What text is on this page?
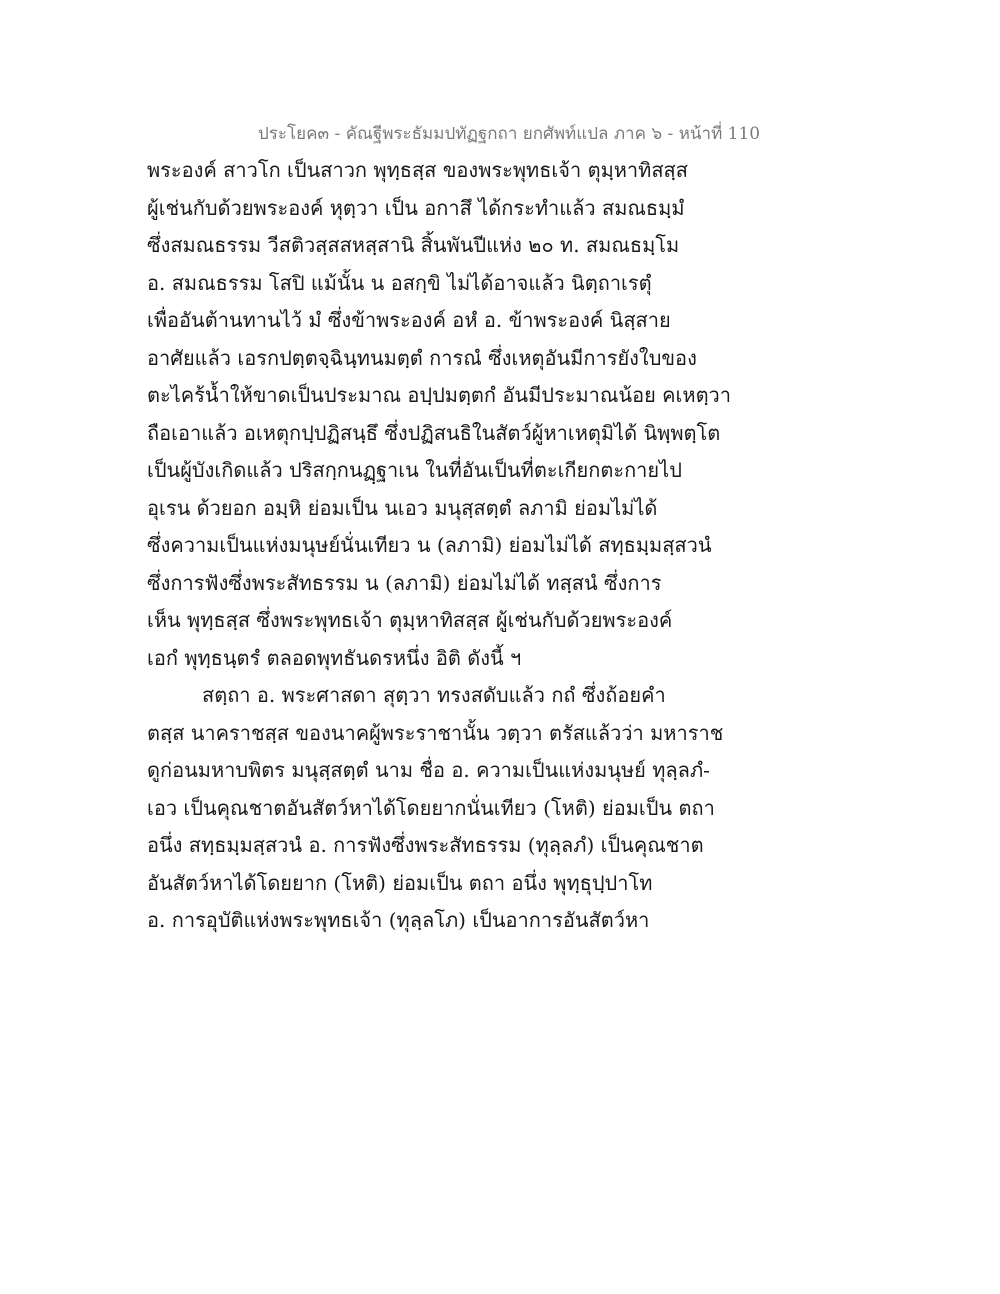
ประโยค๓ - คัณฐีพระธัมมปทัฏฐกถา ยกศัพท์แปล ภาค ๖ - หน้าที่ 110
พระองค์ สาวโก เป็นสาวก พุทฺธสฺส ของพระพุทธเจ้า ตุมฺหาทิสสฺส
ผู้เช่นกับด้วยพระองค์ หุตฺวา เป็น อกาสึ ได้กระทำแล้ว สมณธมฺมํ
ซึ่งสมณธรรม วีสติวสฺสสหสฺสานิ สิ้นพันปีแห่ง ๒๐ ท. สมณธมฺโม
อ. สมณธรรม โสปิ แม้นั้น น อสกฺขิ ไม่ได้อาจแล้ว นิตฺถาเรตุํ
เพื่ออันต้านทานไว้ มํ ซึ่งข้าพระองค์ อหํ อ. ข้าพระองค์ นิสฺสาย
อาศัยแล้ว เอรกปตฺตจฺฉินฺทนมตฺตํ การณํ ซึ่งเหตุอันมีการยังใบของ
ตะไคร้น้ำให้ขาดเป็นประมาณ อปฺปมตฺตกํ อันมีประมาณน้อย คเหตฺวา
ถือเอาแล้ว อเหตุกปฺปฏิสนฺธึ ซึ่งปฏิสนธิในสัตว์ผู้หาเหตุมิได้ นิพฺพตฺโต
เป็นผู้บังเกิดแล้ว ปริสกฺกนฏฺฐาเน ในที่อันเป็นที่ตะเกียกตะกายไป
อุเรน ด้วยอก อมฺหิ ย่อมเป็น นเอว มนุสฺสตฺตํ ลภามิ ย่อมไม่ได้
ซึ่งความเป็นแห่งมนุษย์นั่นเทียว น (ลภามิ) ย่อมไม่ได้ สทฺธมฺมสฺสวนํ
ซึ่งการฟังซึ่งพระสัทธรรม น (ลภามิ) ย่อมไม่ได้ ทสฺสนํ ซึ่งการ
เห็น พุทฺธสฺส ซึ่งพระพุทธเจ้า ตุมฺหาทิสสฺส ผู้เช่นกับด้วยพระองค์
เอกํ พุทฺธนฺตรํ ตลอดพุทธันดรหนึ่ง อิติ ดังนี้ ฯ
สตฺถา อ. พระศาสดา สุตฺวา ทรงสดับแล้ว กถํ ซึ่งถ้อยคำ
ตสฺส นาคราชสฺส ของนาคผู้พระราชานั้น วตฺวา ตรัสแล้วว่า มหาราช
ดูก่อนมหาบพิตร มนุสฺสตฺตํ นาม ชื่อ อ. ความเป็นแห่งมนุษย์ ทุลฺลภํ-
เอว เป็นคุณชาตอันสัตว์หาได้โดยยากนั่นเทียว (โหติ) ย่อมเป็น ตถา
อนึ่ง สทฺธมฺมสฺสวนํ อ. การฟังซึ่งพระสัทธรรม (ทุลฺลภํ) เป็นคุณชาต
อันสัตว์หาได้โดยยาก (โหติ) ย่อมเป็น ตถา อนึ่ง พุทฺธุปฺปาโท
อ. การอุบัติแห่งพระพุทธเจ้า (ทุลฺลโภ) เป็นอาการอันสัตว์หา
